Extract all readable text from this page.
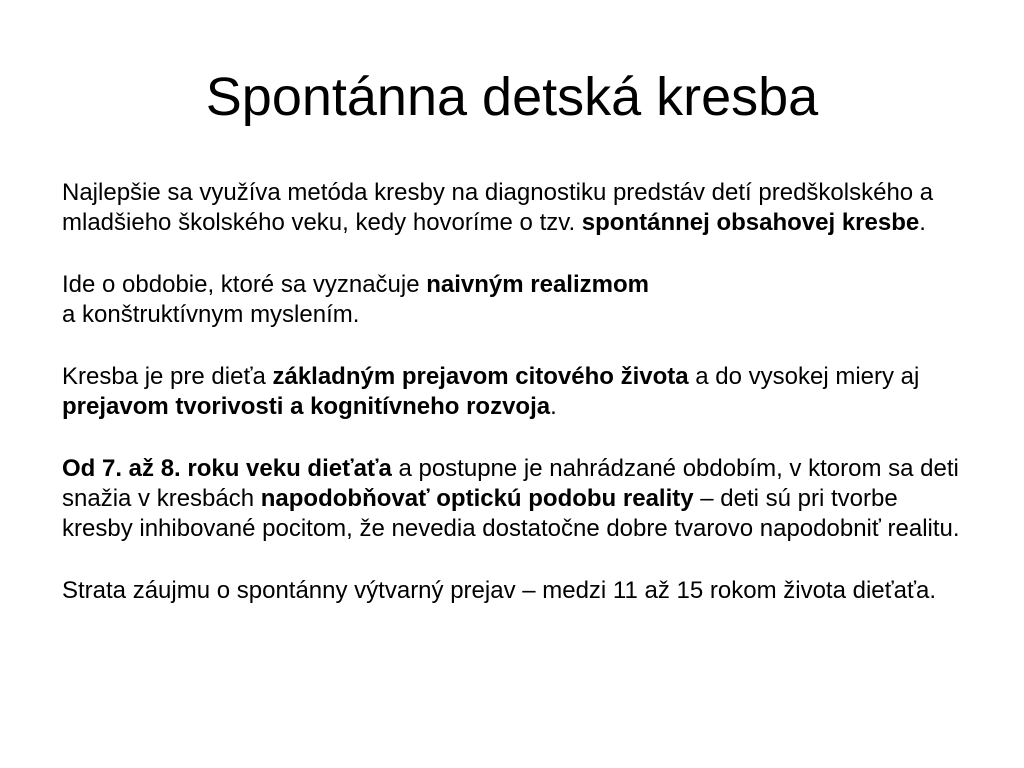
Spontánna detská kresba

Najlepšie sa využíva metóda kresby na diagnostiku predstáv detí predškolského a mladšieho školského veku, kedy hovoríme o tzv. spontánnej obsahovej kresbe.

Ide o obdobie, ktoré sa vyznačuje naivným realizmom
a konštruktívnym myslením.

Kresba je pre dieťa základným prejavom citového života a do vysokej miery aj prejavom tvorivosti a kognitívneho rozvoja.

Od 7. až 8. roku veku dieťaťa a postupne je nahrádzané obdobím, v ktorom sa deti snažia v kresbách napodobňovať optickú podobu reality – deti sú pri tvorbe kresby inhibované pocitom, že nevedia dostatočne dobre tvarovo napodobniť realitu.

Strata záujmu o spontánny výtvarný prejav – medzi 11 až 15 rokom života dieťaťa.
